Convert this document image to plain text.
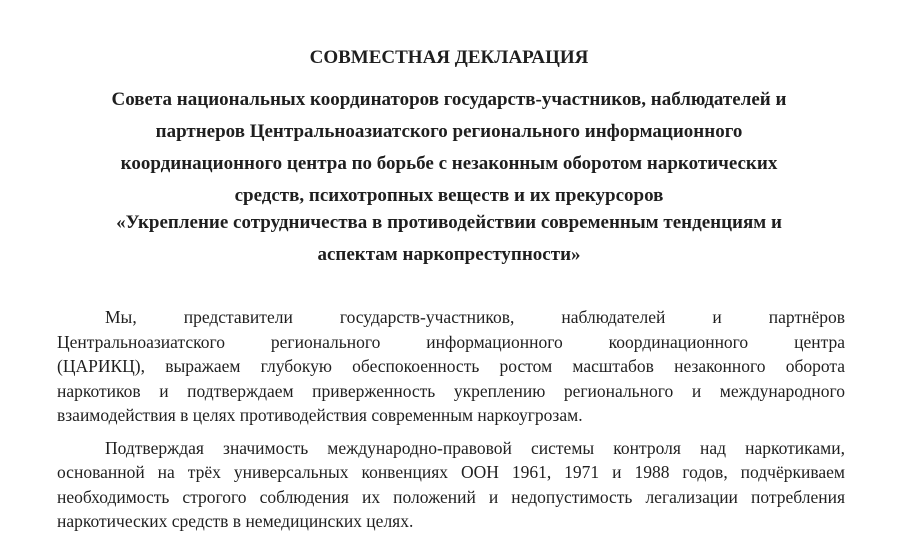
СОВМЕСТНАЯ ДЕКЛАРАЦИЯ

Совета национальных координаторов государств-участников, наблюдателей и

партнеров Центральноазиатского регионального информационного

координационного центра по борьбе с незаконным оборотом наркотических

средств, психотропных веществ и их прекурсоров

«Укрепление сотрудничества в противодействии современным тенденциям и

аспектам наркопреступности»

Мы, представители государств-участников, наблюдателей и партнёров
Центральноазиатского регионального информационного координационного центра
(ЦАРИКЦ), выражаем глубокую обеспокоенность ростом масштабов незаконного оборота
наркотиков и подтверждаем приверженность укреплению регионального и международного
взаимодействия в целях противодействия современным наркоугрозам.

Подтверждая значимость международно-правовой системы контроля над наркотиками,
основанной на трёх универсальных конвенциях ООН 1961, 1971 и 1988 годов, подчёркиваем
необходимость строгого соблюдения их положений и недопустимость легализации потребления
наркотических средств в немедицинских целях.
